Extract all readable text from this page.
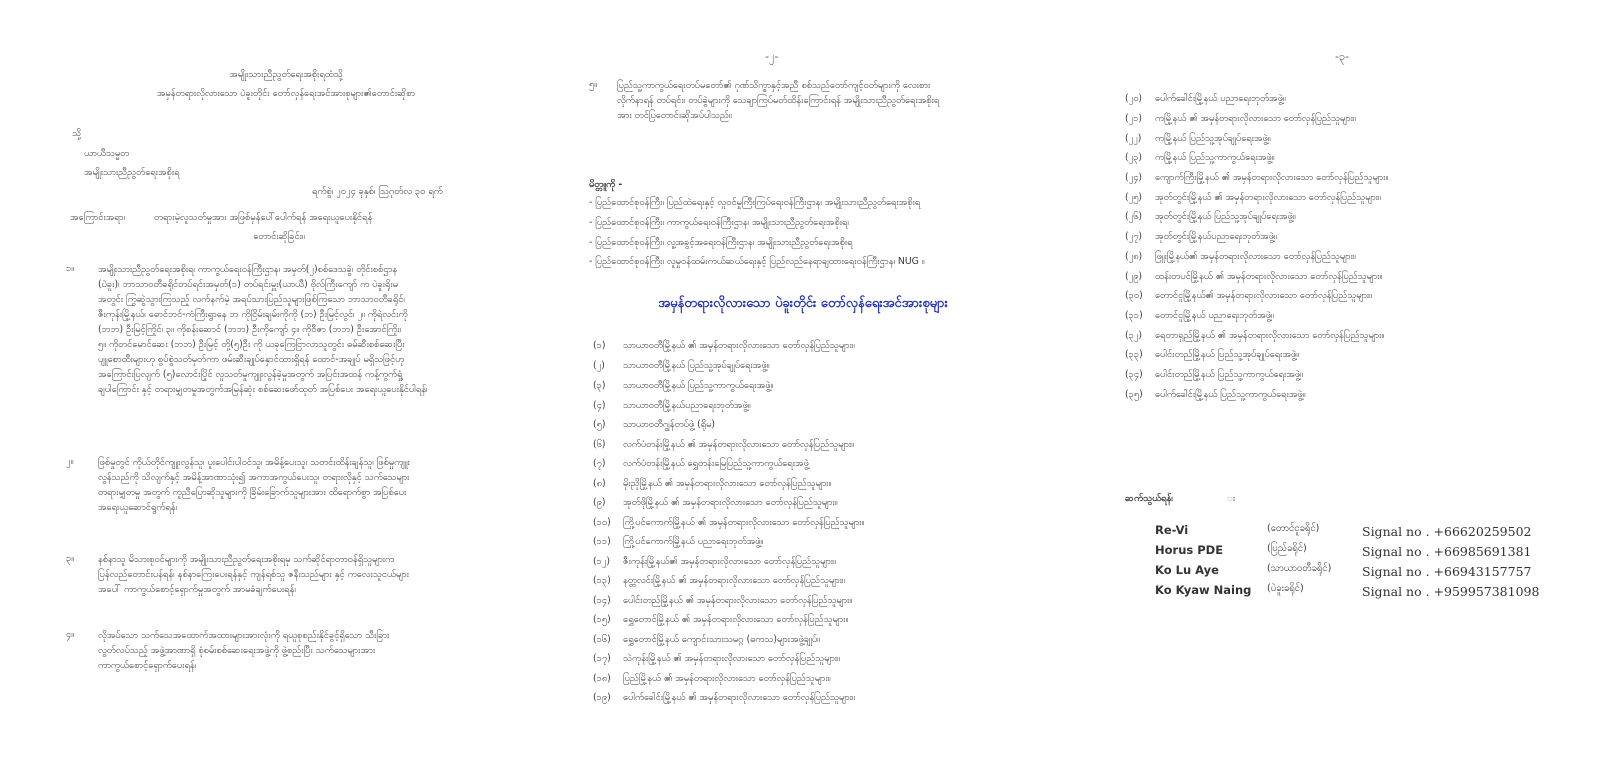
အမျိုးသားညီညွတ်ရေးအစိုးရထံသို့
အမှန်တရားလိုလားသော ပဲခူးတိုင်း တော်လှန်ရေးအင်အားစုများ၏တောင်းဆိုစာ
သို့
ယာယီသမ္မတ
အမျိုးသားညီညွတ်ရေးအစိုးရ
ရက်စွဲ၊ ၂၀၂၄ ခုနှစ်၊ ဩဂုတ်လ ၃၀ ရက်
အကြောင်းအရာ၊	တရားမဲ့လူသတ်မှုအား အဖြစ်မှန်ပေါ်ပေါက်ရန် အရေးယူပေးနိုင်ရန်
တောင်းဆိုခြင်း။
၁။	အမျိုးသားညီညွတ်ရေးအစိုးရ၊ ကာကွယ်ရေးဝန်ကြီးဌာန၊ အမှတ်(၂)စစ်ဒေသခွဲ၊ တိုင်းစစ်ဌာန
(ပဲခူး)၊ ဘာသာဝတီခရိုင်တပ်ရင်းအမှတ်(၁) တပ်ရင်းမှူး(ယာယီ) ဗိုလ်ကြီးကျော် က ပဲခူးရိုးမ
အတွင်း ကြွဆွဲသွားကြသည့် လက်နက်မဲ့ အရပ်သားပြည်သူများဖြစ်ကြသော ဘာသာဝတီခရိုင်၊
ဇီးကုန်းမြို့နယ်၊ ဓောင်ဘင်-ကံကြီးရွာနေ ဘ ကိုငြိမ်းချမ်းကိုကို (ဘ) ဦးမြင့်လွင်၊ ၂။ ကိုရဲလင်းကို
(ဘဘ) ဦးမြင့်ကြိုင်၊ ၃။ ကိုစန်းဆောင် (ဘဘ) ဦးကိုကျော် ၄။ ကိုဝီဇာ (ဘဘ) ဦးအောင်ကြိုး၊
၅။ ကိုတင်မောင်ဆေး (ဘဘ) ဦးမြင့် တို့(၅)ဦး ကို ယခုကြေငြာလာသူတွင်း ဓမ်ဆီးစစ်ဆေးပြီး
ပျူစောထီးများဟု စွပ်စွဲသတ်မှတ်ကာ ဖမ်းဆီးချုပ်နှောင်ထားရှိရန် ထောင်-အချုပ် မရှိသဖြင့်ဟု
အကြောင်းပြလျက် (၅)လောင်းပြိုင် လူသတ်မှုကျူးလွန်ခဲ့မှုအတွက် အပြင်းအထန် ကန့်ကွက်ရှုံ့
ချပါကြောင်း နှင့် တရားမျှတမှုအတွက်အမြန်ဆုံး စစ်ဆေးဖော်ထုတ် အပြစ်ပေး အရေးယူပေးနိုင်ပါရန်၊
၂။	ဖြစ်မှုတွင် ကိုယ်တိုင်ကျူးလွန်သူ၊ ပူးပေါင်းပါဝင်သူ၊ အမိန့်ပေးသူ၊ သတင်းထိန်းချန်သူ၊ ဖြစ်မှုကျူး
လွန်သည်ကို သိလျက်နှင့် အမိန့်အာဏာသုံး၍ အကာအကွယ်ပေးသူ၊ တရားလိုနှင့် သက်သေများ
တရားမျှတမှု အတွက် ကူညီပြောဆိုသူများကို ခြိမ်းခြောက်သူများအား ထိရောက်စွာ အပြစ်ပေး
အရေးယူဆောင်ရွက်ရန်၊
၃။	နစ်နာသူ မိသားစုဝင်များကို အမျိုးသားညီညွတ်ရေးအစိုးရမှ သက်ဆိုင်ရာတာဝန်ရှိသူများက
ပြန်လည်တောင်းပန်ရန်၊ နစ်နာကြေးပေးရန်နှင့် ကျန်ရစ်သူ ဇနီးသည်များ နှင့် ကလေးသူငယ်များ
အပေါ် ကာကွယ်စောင့်ရှောက်မှုအတွက် အာမခံချက်ပေးရန်၊
၄။	လိုအပ်သော သက်သေအထောက်အထားများအားလုံးကို ရယူစုစည်းနိုင်ခွင့်ရှိသော သီးခြား
လွတ်လပ်သည့် အဖွဲ့အာဏာရှိ စုံစမ်းစစ်ဆေးရေးအဖွဲ့ကို ဖွဲ့စည်းပြီး သက်သေများအား
ကာကွယ်စောင့်ရှောက်ပေးရန်၊
-၂-
၅။ ပြည်သူ့ကာကွယ်ရေးတပ်မတော်၏ ဂုဏ်သိက္ခာနှင့်အညီ စစ်သည်တော်ကျင့်ဝတ်များကို လေးစား
လိုက်နာရန် တပ်ရင်း၊ တပ်ခွဲများကို သေချာကြပ်မတ်ထိန်းကြောင်းရန် အမျိုးသားညီညွတ်ရေးအစိုးရ
အား တင်ပြတောင်းဆိုအပ်ပါသည်။
မိတ္တူကို -
- ပြည်ထောင်စုဝန်ကြီး၊ ပြည်ထဲရေးနှင့် လူဝင်မှုကြီးကြပ်ရေးဝန်ကြီးဌာန၊ အမျိုးသားညီညွတ်ရေးအစိုးရ
- ပြည်ထောင်စုဝန်ကြီး၊ ကာကွယ်ရေးဝန်ကြီးဌာန၊ အမျိုးသားညီညွတ်ရေးအစိုးရ၊
- ပြည်ထောင်စုဝန်ကြီး၊ လူ့အခွင့်အရေးဝန်ကြီးဌာန၊ အမျိုးသားညီညွတ်ရေးအစိုးရ
- ပြည်ထောင်စုဝန်ကြီး၊ လူမှုဝန်ထမ်းကယ်ဆယ်ရေးနှင့် ပြည်လည်နေရာချထားရေးဝန်ကြီးဌာန၊ NUG ။
အမှန်တရားလိုလားသော ပဲခူးတိုင်း တော်လှန်ရေးအင်အားစုများ
(၁) သာယာဝတီမြို့နယ် ၏ အမှန်တရားလိုလားသော တော်လှန်ပြည်သူများ။
(၂) သာယာဝတီမြို့နယ် ပြည်သူ့အုပ်ချုပ်ရေးအဖွဲ့။
(၃) သာယာဝတီမြို့နယ် ပြည်သူ့ကာကွယ်ရေးအဖွဲ့။
(၄) သာယာဝတီမြို့နယ်ပညာရေးဘုတ်အဖွဲ့။
(၅) သာယာဝတီဂျွန်တပ်ဖွဲ့ (ရိုမ)
(၆) လက်ပံတန်းမြို့နယ် ၏ အမှန်တရားလိုလားသော တော်လှန်ပြည်သူများ။
(၇) လက်ပံတန်းမြို့နယ် ရွှေတန်းမြေပြည်သူ့ကာကွယ်ရေးအဖွဲ့
(၈) မိုးညိုမြို့နယ် ၏ အမှန်တရားလိုလားသော တော်လှန်ပြည်သူများ။
(၉) အုတ်ဖိုမြို့နယ် ၏ အမှန်တရားလိုလားသော တော်လှန်ပြည်သူများ။
(၁၀) ကြို့ပင်ကောက်မြို့နယ် ၏ အမှန်တရားလိုလားသော တော်လှန်ပြည်သူများ။
(၁၁) ကြို့ပင်ကောက်မြို့နယ် ပညာရေးဘုတ်အဖွဲ့။
(၁၂) ဇီးကုန်းမြို့နယ်၏ အမှန်တရားလိုလားသော တော်လှန်ပြည်သူများ။
(၁၃) နတ္တလင်းမြို့နယ် ၏ အမှန်တရားလိုလားသော တော်လှန်ပြည်သူများ။
(၁၄) ပေါင်းတည်မြို့နယ် ၏ အမှန်တရားလိုလားသော တော်လှန်ပြည်သူများ။
(၁၅) ရွှေတောင်မြို့နယ် ၏ အမှန်တရားလိုလားသော တော်လှန်ပြည်သူများ။
(၁၆) ရွှေတောင်မြို့နယ် ကျောင်းသားသမဂ္ဂ (ဓကသ)များအဖွဲ့ချုပ်။
(၁၇) သဲကုန်းမြို့နယ် ၏ အမှန်တရားလိုလားသော တော်လှန်ပြည်သူများ။
(၁၈) ပြည်မြို့နယ် ၏ အမှန်တရားလိုလားသော တော်လှန်ပြည်သူများ။
(၁၉) ပေါက်ခေါင်းမြို့နယ် ၏ အမှန်တရားလိုလားသော တော်လှန်ပြည်သူများ။
-၃-
(၂၀) ပေါက်ခေါင်းမြို့နယ် ပညာရေးဘုတ်အဖွဲ့။
(၂၁) ကမြို့နယ် ၏ အမှန်တရားလိုလားသော တော်လှန်ပြည်သူများ။
(၂၂) ကမြို့နယ် ပြည်သူ့အုပ်ချုပ်ရေးအဖွဲ့။
(၂၃) ကမြို့နယ် ပြည်သူ့ကာကွယ်ရေးအဖွဲ့။
(၂၄) ကျောက်ကြီးမြို့နယ် ၏ အမှန်တရားလိုလားသော တော်လှန်ပြည်သူများ။
(၂၅) အုတ်တွင်းမြို့နယ် ၏ အမှန်တရားလိုလားသော တော်လှန်ပြည်သူများ။
(၂၆) အုတ်တွင်းမြို့နယ် ပြည်သူ့အုပ်ချုပ်ရေးအဖွဲ့။
(၂၇) အုတ်တွင်းမြို့နယ်ပညာရေးဘုတ်အဖွဲ့။
(၂၈) ဖြူးမြို့နယ်၏ အမှန်တရားလိုလားသော တော်လှန်ပြည်သူများ။
(၂၉) ထန်းတပင်မြို့နယ် ၏ အမှန်တရားလိုလားသော တော်လှန်ပြည်သူများ။
(၃၀) တောင်ငူမြို့နယ်၏ အမှန်တရားလိုလားသော တော်လှန်ပြည်သူများ။
(၃၁) တောင်ငူမြို့နယ် ပညာရေးဘုတ်အဖွဲ့။
(၃၂) ရေတာရှည်မြို့နယ် ၏ အမှန်တရားလိုလားသော တော်လှန်ပြည်သူများ။
(၃၃) ပေါင်းတည်မြို့နယ် ပြည်သူ့အုပ်ချုပ်ရေးအဖွဲ့။
(၃၄) ပေါင်းတည်မြို့နယ် ပြည်သူ့ကာကွယ်ရေးအဖွဲ့။
(၃၅) ပေါက်ခေါင်းမြို့နယ် ပြည်သူ့ကာကွယ်ရေးအဖွဲ့။
ဆက်သွယ်ရန်၊	း
Re-Vi	(တောင်ငူခရိုင်)	Signal no . +66620259502
Horus PDE	(ပြည်ခရိုင်)	Signal no . +66985691381
Ko Lu Aye	(သာယာဝတီခရိုင်) Signal no . +66943157757
Ko Kyaw Naing (ပဲခူးခရိုင်)	Signal no . +959957381098
